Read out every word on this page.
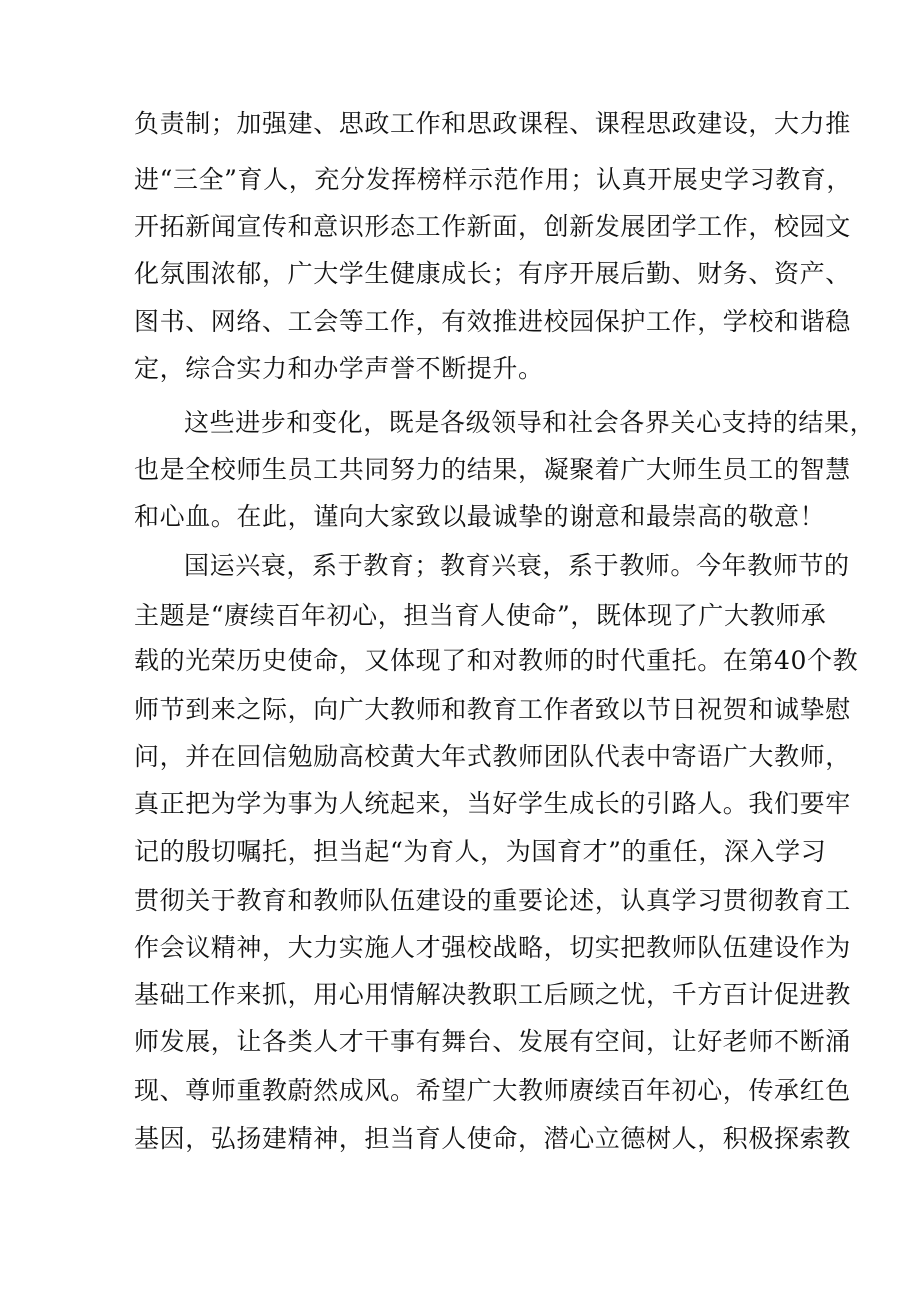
负责制；加强建、思政工作和思政课程、课程思政建设，大力推
进“三全”育人，充分发挥榜样示范作用；认真开展史学习教育，
开拓新闻宣传和意识形态工作新面，创新发展团学工作，校园文
化氛围浓郁，广大学生健康成长；有序开展后勤、财务、资产、
图书、网络、工会等工作，有效推进校园保护工作，学校和谐稳
定，综合实力和办学声誉不断提升。
这些进步和变化，既是各级领导和社会各界关心支持的结果，
也是全校师生员工共同努力的结果，凝聚着广大师生员工的智慧
和心血。在此，谨向大家致以最诚挚的谢意和最崇高的敬意！
国运兴衰，系于教育；教育兴衰，系于教师。今年教师节的
主题是“赓续百年初心，担当育人使命”，既体现了广大教师承
载的光荣历史使命，又体现了和对教师的时代重托。在第40个教
师节到来之际，向广大教师和教育工作者致以节日祝贺和诚挚慰
问，并在回信勉励高校黄大年式教师团队代表中寄语广大教师，
真正把为学为事为人统起来，当好学生成长的引路人。我们要牢
记的殷切嘱托，担当起“为育人，为国育才”的重任，深入学习
贯彻关于教育和教师队伍建设的重要论述，认真学习贯彻教育工
作会议精神，大力实施人才强校战略，切实把教师队伍建设作为
基础工作来抓，用心用情解决教职工后顾之忧，千方百计促进教
师发展，让各类人才干事有舞台、发展有空间，让好老师不断涌
现、尊师重教蔚然成风。希望广大教师赓续百年初心，传承红色
基因，弘扬建精神，担当育人使命，潜心立德树人，积极探索教
